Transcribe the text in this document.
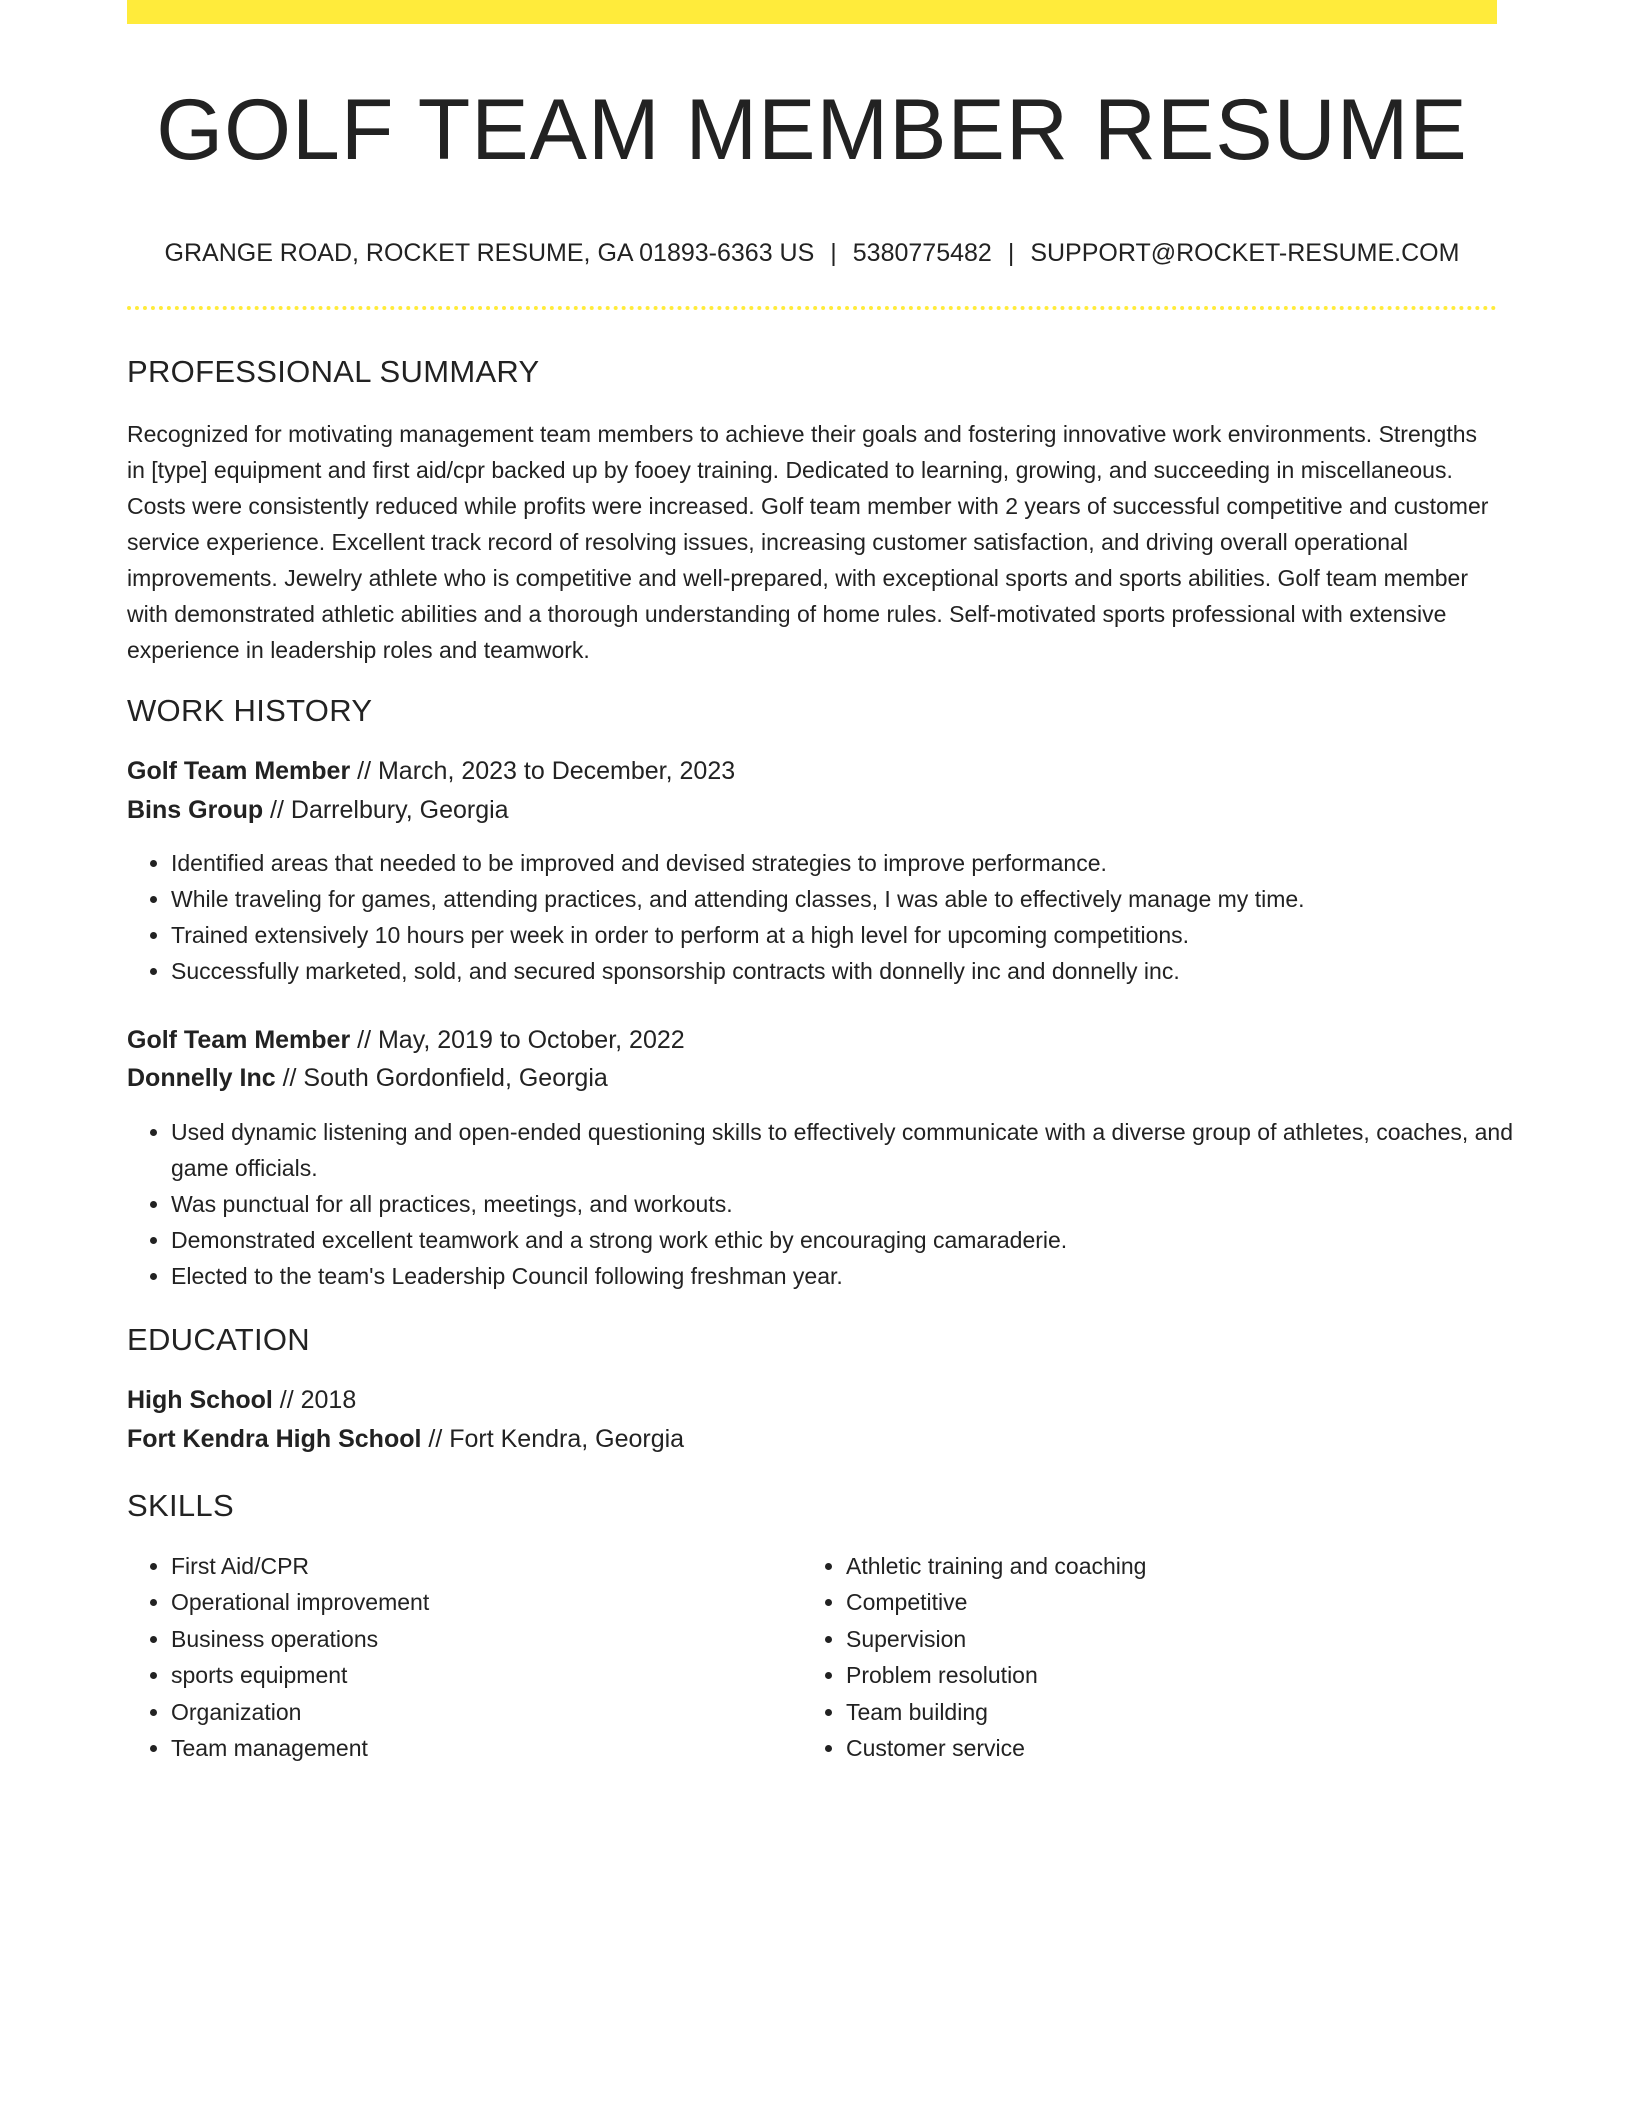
GOLF TEAM MEMBER RESUME
GRANGE ROAD, ROCKET RESUME, GA 01893-6363 US | 5380775482 | SUPPORT@ROCKET-RESUME.COM
PROFESSIONAL SUMMARY

Recognized for motivating management team members to achieve their goals and fostering innovative work environments. Strengths in [type] equipment and first aid/cpr backed up by fooey training. Dedicated to learning, growing, and succeeding in miscellaneous. Costs were consistently reduced while profits were increased. Golf team member with 2 years of successful competitive and customer service experience. Excellent track record of resolving issues, increasing customer satisfaction, and driving overall operational improvements. Jewelry athlete who is competitive and well-prepared, with exceptional sports and sports abilities. Golf team member with demonstrated athletic abilities and a thorough understanding of home rules. Self-motivated sports professional with extensive experience in leadership roles and teamwork.

WORK HISTORY
Golf Team Member // March, 2023 to December, 2023
Bins Group // Darrelbury, Georgia
• Identified areas that needed to be improved and devised strategies to improve performance.
• While traveling for games, attending practices, and attending classes, I was able to effectively manage my time.
• Trained extensively 10 hours per week in order to perform at a high level for upcoming competitions.
• Successfully marketed, sold, and secured sponsorship contracts with donnelly inc and donnelly inc.
Golf Team Member // May, 2019 to October, 2022
Donnelly Inc // South Gordonfield, Georgia
• Used dynamic listening and open-ended questioning skills to effectively communicate with a diverse group of athletes, coaches, and game officials.
• Was punctual for all practices, meetings, and workouts.
• Demonstrated excellent teamwork and a strong work ethic by encouraging camaraderie.
• Elected to the team's Leadership Council following freshman year.
EDUCATION
High School // 2018
Fort Kendra High School // Fort Kendra, Georgia
SKILLS
• First Aid/CPR
• Operational improvement
• Business operations
• sports equipment
• Organization
• Team management
• Athletic training and coaching
• Competitive
• Supervision
• Problem resolution
• Team building
• Customer service
